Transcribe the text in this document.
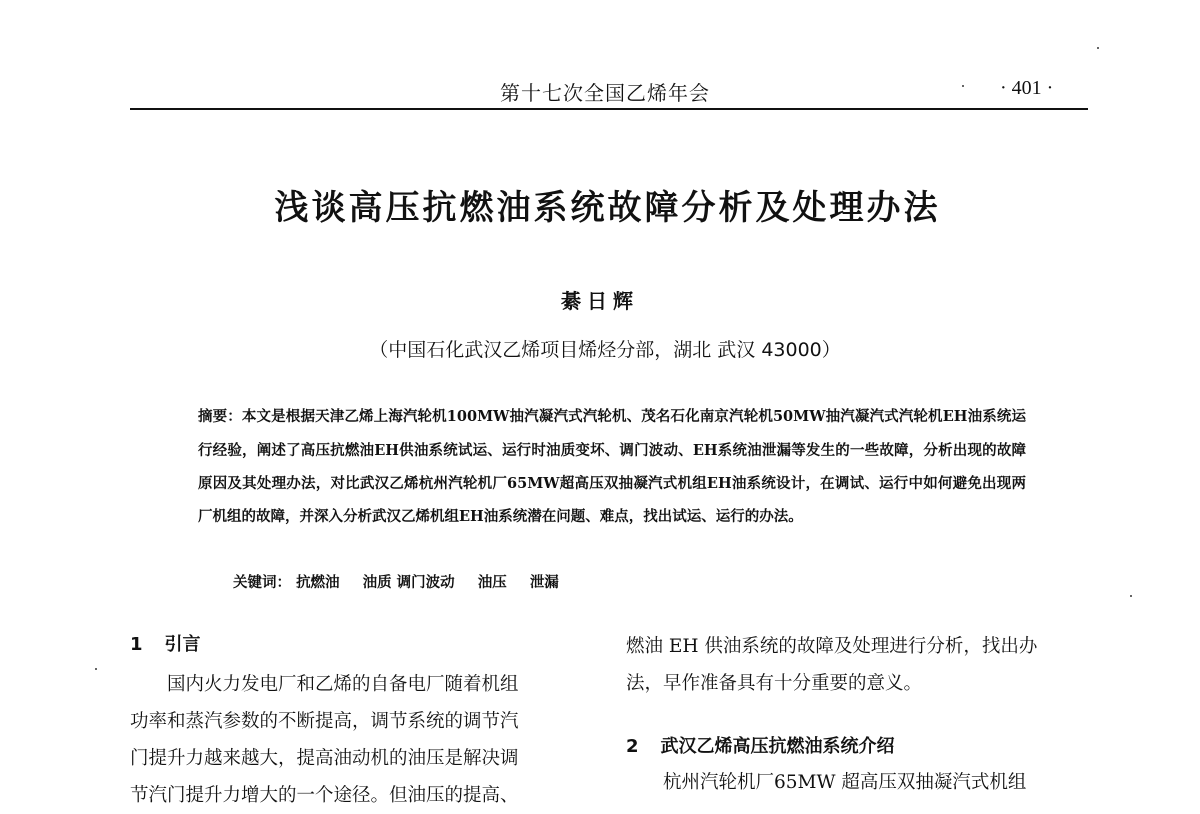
第十七次全国乙烯年会	· 401 ·
浅谈高压抗燃油系统故障分析及处理办法
綦日辉
（中国石化武汉乙烯项目烯烃分部，湖北 武汉 43000）
摘要：本文是根据天津乙烯上海汽轮机100MW抽汽凝汽式汽轮机、茂名石化南京汽轮机50MW抽汽凝汽式汽轮机EH油系统运行经验，阐述了高压抗燃油EH供油系统试运、运行时油质变坏、调门波动、EH系统油泄漏等发生的一些故障，分析出现的故障原因及其处理办法，对比武汉乙烯杭州汽轮机厂65MW超高压双抽凝汽式机组EH油系统设计，在调试、运行中如何避免出现两厂机组的故障，并深入分析武汉乙烯机组EH油系统潜在问题、难点，找出试运、运行的办法。
关键词： 抗燃油 油质 调门波动 油压 泄漏

1 引言

国内火力发电厂和乙烯的自备电厂随着机组

功率和蒸汽参数的不断提高，调节系统的调节汽

门提升力越来越大，提高油动机的油压是解决调

节汽门提升力增大的一个途径。但油压的提高、

燃油 EH 供油系统的故障及处理进行分析，找出办

法，早作准备具有十分重要的意义。

2 武汉乙烯高压抗燃油系统介绍

杭州汽轮机厂65MW 超高压双抽凝汽式机组
